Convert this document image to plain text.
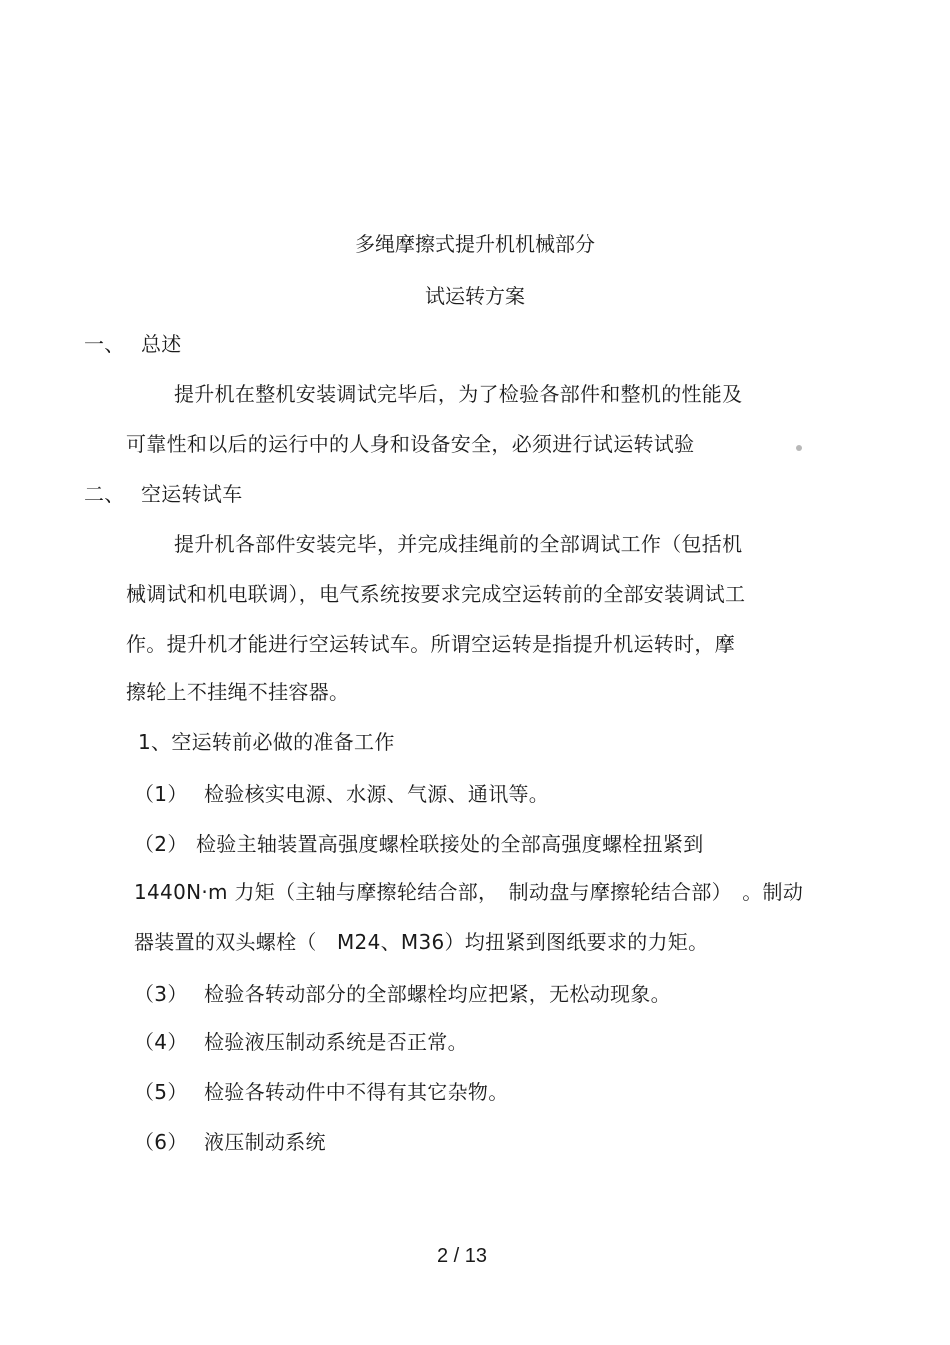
多绳摩擦式提升机机械部分
试运转方案
一、 总述
提升机在整机安装调试完毕后，为了检验各部件和整机的性能及
可靠性和以后的运行中的人身和设备安全，必须进行试运转试验
二、 空运转试车
提升机各部件安装完毕，并完成挂绳前的全部调试工作（包括机
械调试和机电联调），电气系统按要求完成空运转前的全部安装调试工
作。提升机才能进行空运转试车。所谓空运转是指提升机运转时，摩
擦轮上不挂绳不挂容器。
1、空运转前必做的准备工作
（1） 检验核实电源、水源、气源、通讯等。
（2） 检验主轴装置高强度螺栓联接处的全部高强度螺栓扭紧到
1440N·m 力矩（主轴与摩擦轮结合部，　制动盘与摩擦轮结合部）　。制动
器装置的双头螺栓（　M24、M36）均扭紧到图纸要求的力矩。
（3） 检验各转动部分的全部螺栓均应把紧，无松动现象。
（4） 检验液压制动系统是否正常。
（5） 检验各转动件中不得有其它杂物。
（6） 液压制动系统
2 / 13
